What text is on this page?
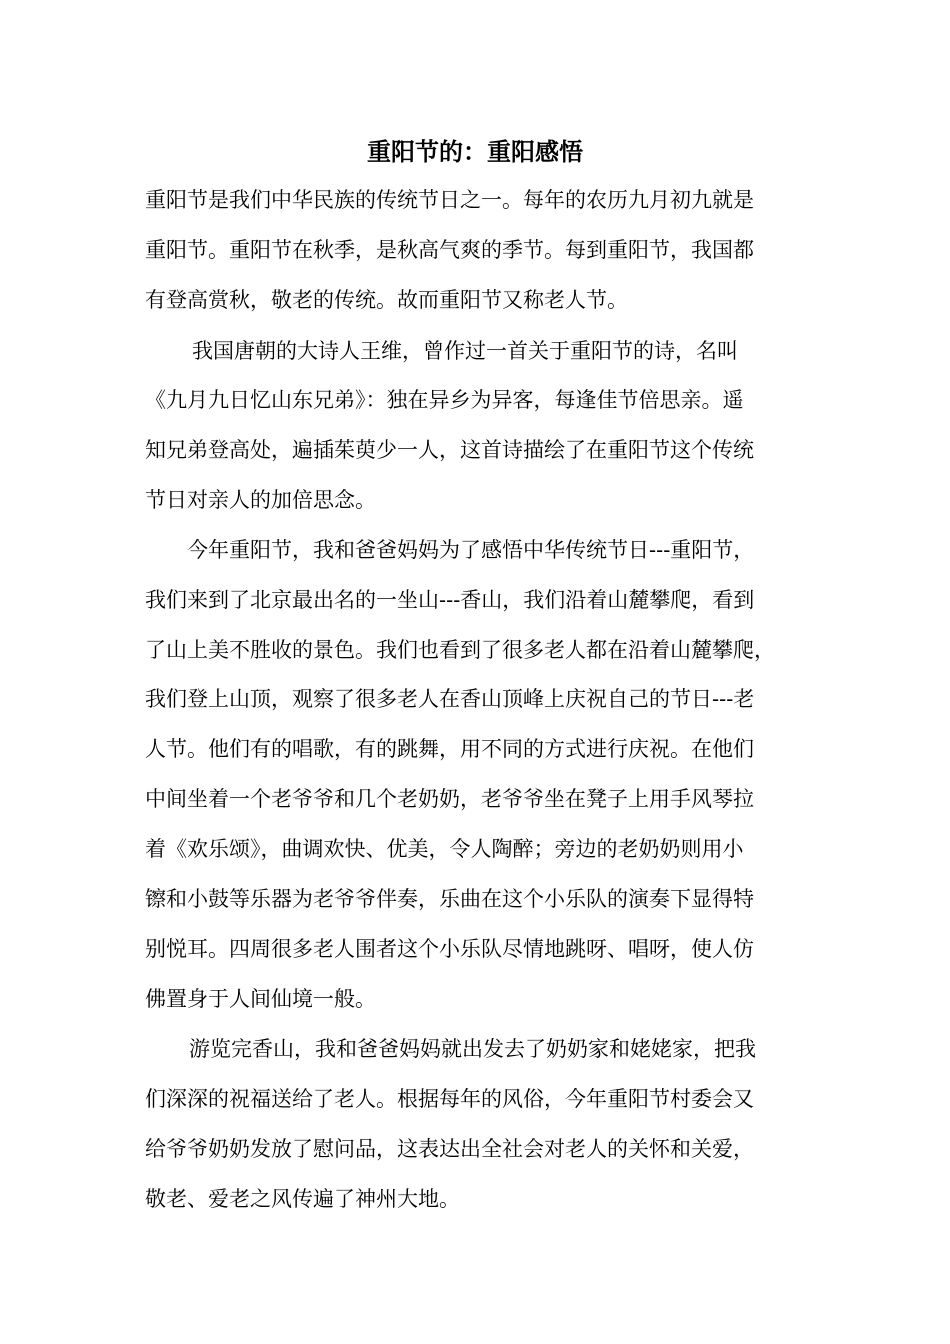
重阳节的：重阳感悟
重阳节是我们中华民族的传统节日之一。每年的农历九月初九就是
重阳节。重阳节在秋季，是秋高气爽的季节。每到重阳节，我国都
有登高赏秋，敬老的传统。故而重阳节又称老人节。
我国唐朝的大诗人王维，曾作过一首关于重阳节的诗，名叫
《九月九日忆山东兄弟》：独在异乡为异客，每逢佳节倍思亲。遥
知兄弟登高处，遍插茱萸少一人，这首诗描绘了在重阳节这个传统
节日对亲人的加倍思念。
今年重阳节，我和爸爸妈妈为了感悟中华传统节日---重阳节，
我们来到了北京最出名的一坐山---香山，我们沿着山麓攀爬，看到
了山上美不胜收的景色。我们也看到了很多老人都在沿着山麓攀爬，
我们登上山顶，观察了很多老人在香山顶峰上庆祝自己的节日---老
人节。他们有的唱歌，有的跳舞，用不同的方式进行庆祝。在他们
中间坐着一个老爷爷和几个老奶奶，老爷爷坐在凳子上用手风琴拉
着《欢乐颂》，曲调欢快、优美，令人陶醉；旁边的老奶奶则用小
镲和小鼓等乐器为老爷爷伴奏，乐曲在这个小乐队的演奏下显得特
别悦耳。四周很多老人围者这个小乐队尽情地跳呀、唱呀，使人仿
佛置身于人间仙境一般。
游览完香山，我和爸爸妈妈就出发去了奶奶家和姥姥家，把我
们深深的祝福送给了老人。根据每年的风俗，今年重阳节村委会又
给爷爷奶奶发放了慰问品，这表达出全社会对老人的关怀和关爱，
敬老、爱老之风传遍了神州大地。
